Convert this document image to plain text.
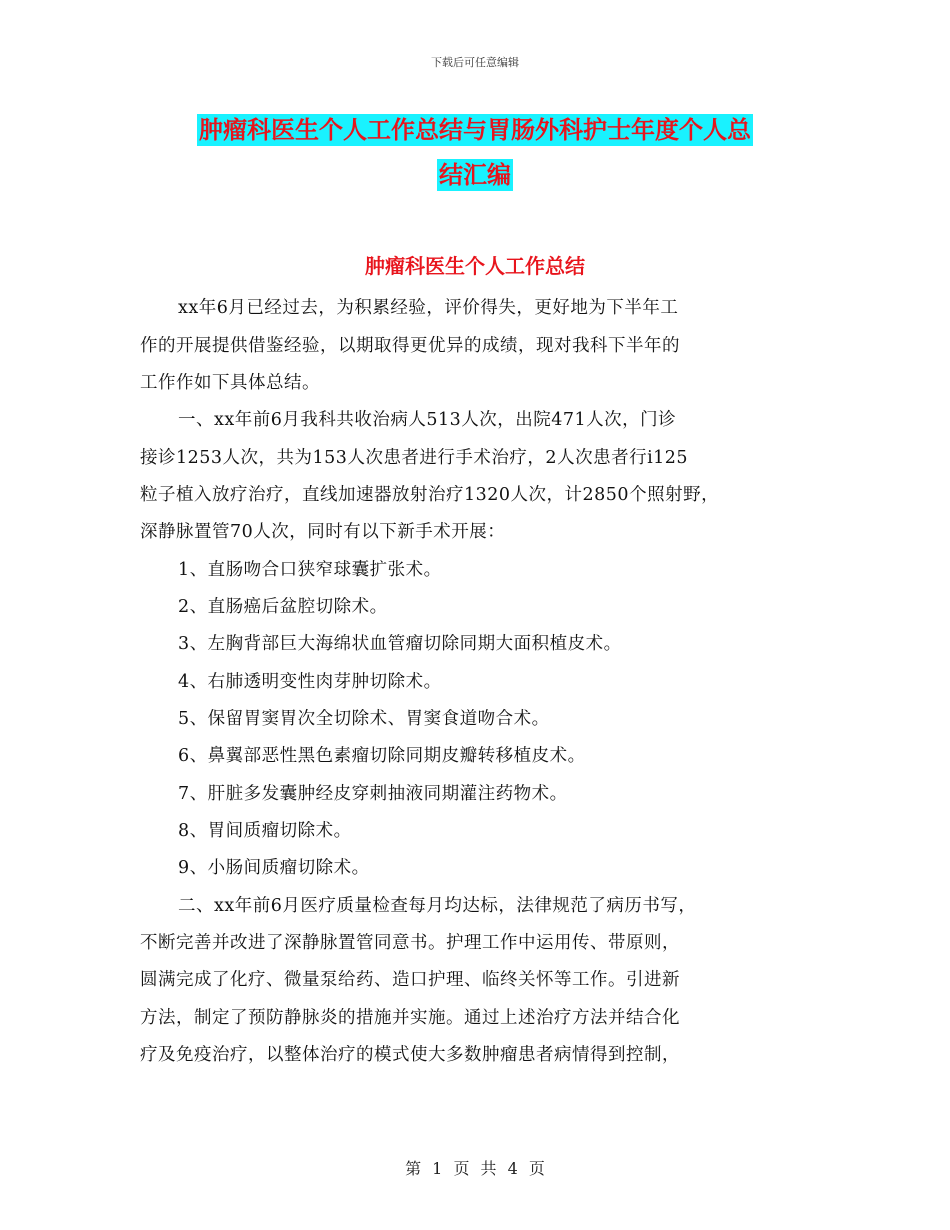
下载后可任意编辑
肿瘤科医生个人工作总结与胃肠外科护士年度个人总
结汇编
肿瘤科医生个人工作总结
xx年6月已经过去，为积累经验，评价得失，更好地为下半年工
作的开展提供借鉴经验，以期取得更优异的成绩，现对我科下半年的
工作作如下具体总结。
一、xx年前6月我科共收治病人513人次，出院471人次，门诊
接诊1253人次，共为153人次患者进行手术治疗，2人次患者行i125
粒子植入放疗治疗，直线加速器放射治疗1320人次，计2850个照射野，
深静脉置管70人次，同时有以下新手术开展：
1、直肠吻合口狭窄球囊扩张术。
2、直肠癌后盆腔切除术。
3、左胸背部巨大海绵状血管瘤切除同期大面积植皮术。
4、右肺透明变性肉芽肿切除术。
5、保留胃窦胃次全切除术、胃窦食道吻合术。
6、鼻翼部恶性黑色素瘤切除同期皮瓣转移植皮术。
7、肝脏多发囊肿经皮穿刺抽液同期灌注药物术。
8、胃间质瘤切除术。
9、小肠间质瘤切除术。
二、xx年前6月医疗质量检查每月均达标，法律规范了病历书写，
不断完善并改进了深静脉置管同意书。护理工作中运用传、带原则，
圆满完成了化疗、微量泵给药、造口护理、临终关怀等工作。引进新
方法，制定了预防静脉炎的措施并实施。通过上述治疗方法并结合化
疗及免疫治疗，以整体治疗的模式使大多数肿瘤患者病情得到控制，
第 1 页 共 4 页
